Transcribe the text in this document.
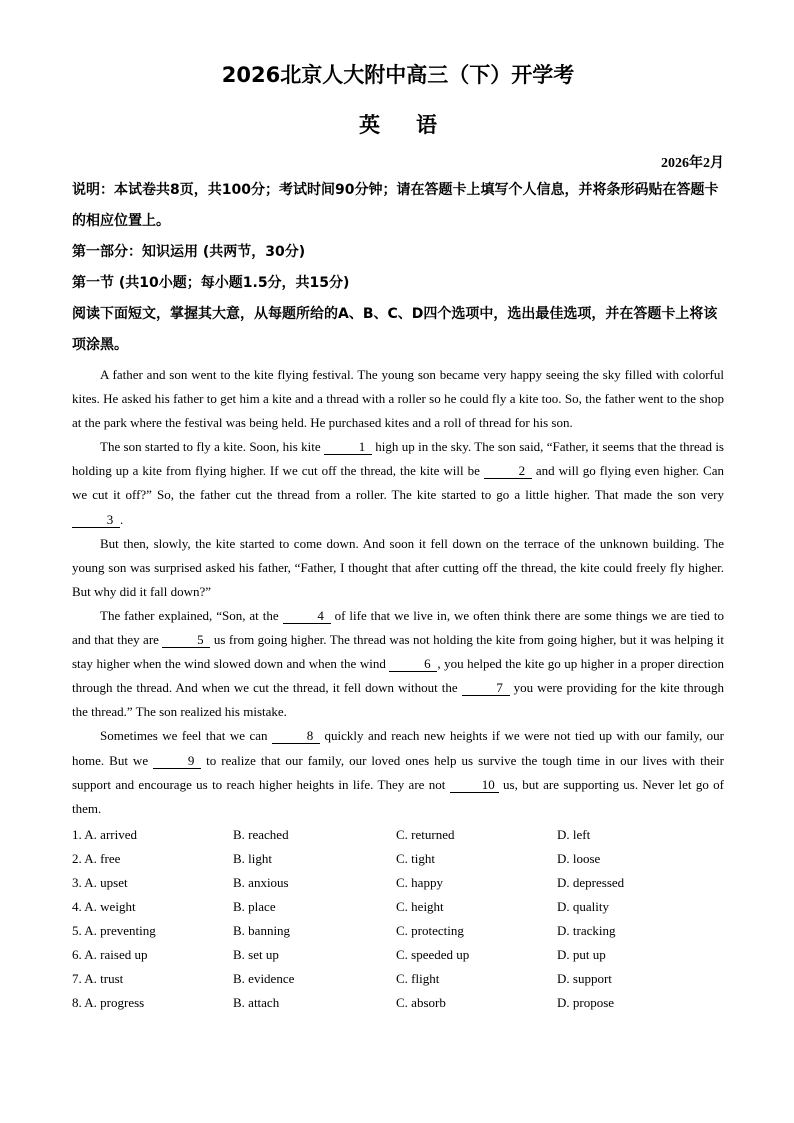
2026北京人大附中高三（下）开学考
英语
2026年2月

说明：本试卷共8页，共100分；考试时间90分钟；请在答题卡上填写个人信息，并将条形码贴在答题卡的相应位置上。

第一部分：知识运用 (共两节，30分)

第一节 (共10小题；每小题1.5分，共15分)

阅读下面短文，掌握其大意，从每题所给的A、B、C、D四个选项中，选出最佳选项，并在答题卡上将该项涂黑。

A father and son went to the kite flying festival. The young son became very happy seeing the sky filled with colorful kites. He asked his father to get him a kite and a thread with a roller so he could fly a kite too. So, the father went to the shop at the park where the festival was being held. He purchased kites and a roll of thread for his son.

The son started to fly a kite. Soon, his kite	1 high up in the sky. The son said, “Father, it seems that the thread is holding up a kite from flying higher. If we cut off the thread, the kite will be	2 and will go flying even higher. Can we cut it off?” So, the father cut the thread from a roller. The kite started to go a little higher. That made the son very 3 .

But then, slowly, the kite started to come down. And soon it fell down on the terrace of the unknown building. The young son was surprised asked his father, “Father, I thought that after cutting off the thread, the kite could freely fly higher. But why did it fall down?”

The father explained, “Son, at the	4 of life that we live in, we often think there are some things we are tied to and that they are	5 us from going higher. The thread was not holding the kite from going higher, but it was helping it stay higher when the wind slowed down and when the wind	6 , you helped the kite go up higher in a proper direction through the thread. And when we cut the thread, it fell down without the	7 you were providing for the kite through the thread.” The son realized his mistake.

Sometimes we feel that we can	8 quickly and reach new heights if we were not tied up with our family, our home. But we	9 to realize that our family, our loved ones help us survive the tough time in our lives with their support and encourage us to reach higher heights in life. They are not 10 us, but are supporting us. Never let go of them.

1. A. arrived	B. reached	C. returned	D. left
2. A. free	B. light	C. tight	D. loose
3. A. upset	B. anxious	C. happy	D. depressed
4. A. weight	B. place	C. height	D. quality
5. A. preventing	B. banning	C. protecting	D. tracking
6. A. raised up	B. set up	C. speeded up	D. put up
7. A. trust	B. evidence	C. flight	D. support
8. A. progress	B. attach	C. absorb	D. propose
